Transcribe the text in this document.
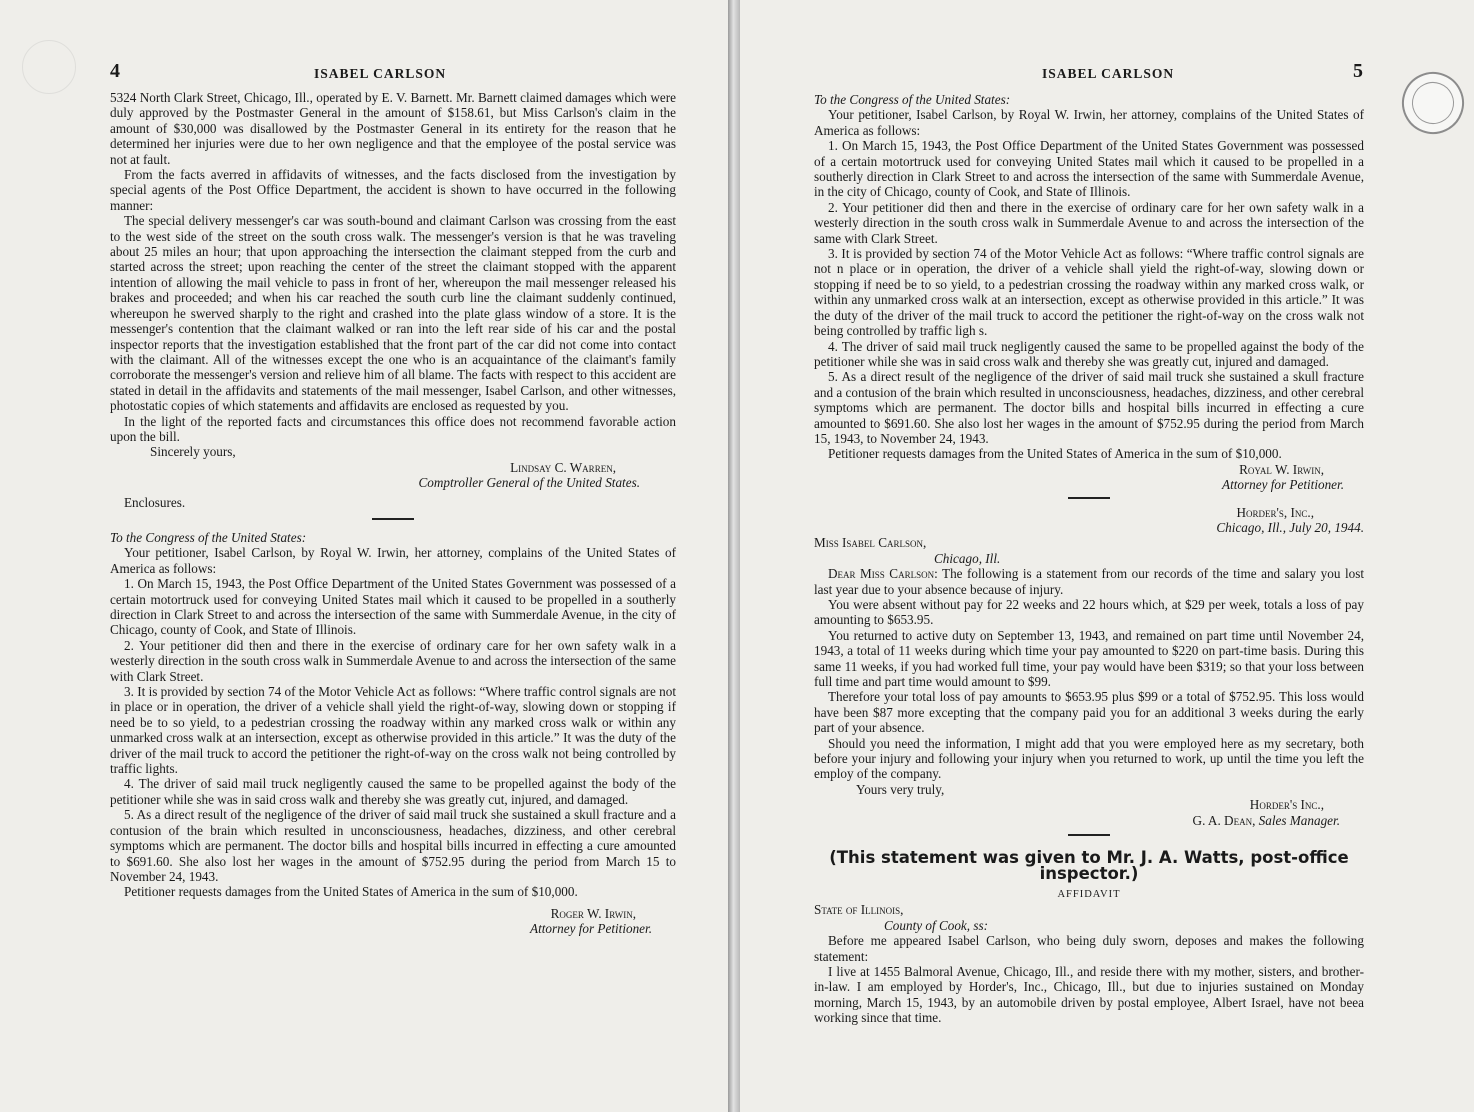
4	ISABEL CARLSON

5324 North Clark Street, Chicago, Ill., operated by E. V. Barnett. Mr. Barnett claimed damages which were duly approved by the Postmaster General in the amount of $158.61, but Miss Carlson's claim in the amount of $30,000 was disallowed by the Postmaster General in its entirety for the reason that he determined her injuries were due to her own negligence and that the employee of the postal service was not at fault.

From the facts averred in affidavits of witnesses, and the facts disclosed from the investigation by special agents of the Post Office Department, the accident is shown to have occurred in the following manner:

The special delivery messenger's car was south-bound and claimant Carlson was crossing from the east to the west side of the street on the south cross walk. The messenger's version is that he was traveling about 25 miles an hour; that upon approaching the intersection the claimant stepped from the curb and started across the street; upon reaching the center of the street the claimant stopped with the apparent intention of allowing the mail vehicle to pass in front of her, whereupon the mail messenger released his brakes and proceeded; and when his car reached the south curb line the claimant suddenly continued, whereupon he swerved sharply to the right and crashed into the plate glass window of a store. It is the messenger's contention that the claimant walked or ran into the left rear side of his car and the postal inspector reports that the investigation established that the front part of the car did not come into contact with the claimant. All of the witnesses except the one who is an acquaintance of the claimant's family corroborate the messenger's version and relieve him of all blame. The facts with respect to this accident are stated in detail in the affidavits and statements of the mail messenger, Isabel Carlson, and other witnesses, photostatic copies of which statements and affidavits are enclosed as requested by you.

In the light of the reported facts and circumstances this office does not recommend favorable action upon the bill.

Sincerely yours,

Lindsay C. Warren,

Comptroller General of the United States.

Enclosures.

To the Congress of the United States:

Your petitioner, Isabel Carlson, by Royal W. Irwin, her attorney, complains of the United States of America as follows:

1. On March 15, 1943, the Post Office Department of the United States Government was possessed of a certain motortruck used for conveying United States mail which it caused to be propelled in a southerly direction in Clark Street to and across the intersection of the same with Summerdale Avenue, in the city of Chicago, county of Cook, and State of Illinois.

2. Your petitioner did then and there in the exercise of ordinary care for her own safety walk in a westerly direction in the south cross walk in Summerdale Avenue to and across the intersection of the same with Clark Street.

3. It is provided by section 74 of the Motor Vehicle Act as follows: “Where traffic control signals are not in place or in operation, the driver of a vehicle shall yield the right-of-way, slowing down or stopping if need be to so yield, to a pedestrian crossing the roadway within any marked cross walk or within any unmarked cross walk at an intersection, except as otherwise provided in this article.” It was the duty of the driver of the mail truck to accord the petitioner the right-of-way on the cross walk not being controlled by traffic lights.

4. The driver of said mail truck negligently caused the same to be propelled against the body of the petitioner while she was in said cross walk and thereby she was greatly cut, injured, and damaged.

5. As a direct result of the negligence of the driver of said mail truck she sustained a skull fracture and a contusion of the brain which resulted in unconsciousness, headaches, dizziness, and other cerebral symptoms which are permanent. The doctor bills and hospital bills incurred in effecting a cure amounted to $691.60. She also lost her wages in the amount of $752.95 during the period from March 15 to November 24, 1943.

Petitioner requests damages from the United States of America in the sum of $10,000.

Roger W. Irwin,

Attorney for Petitioner.

ISABEL CARLSON	5

To the Congress of the United States:

Your petitioner, Isabel Carlson, by Royal W. Irwin, her attorney, complains of the United States of America as follows:

1. On March 15, 1943, the Post Office Department of the United States Government was possessed of a certain motortruck used for conveying United States mail which it caused to be propelled in a southerly direction in Clark Street to and across the intersection of the same with Summerdale Avenue, in the city of Chicago, county of Cook, and State of Illinois.

2. Your petitioner did then and there in the exercise of ordinary care for her own safety walk in a westerly direction in the south cross walk in Summerdale Avenue to and across the intersection of the same with Clark Street.

3. It is provided by section 74 of the Motor Vehicle Act as follows: “Where traffic control signals are not n place or in operation, the driver of a vehicle shall yield the right-of-way, slowing down or stopping if need be to so yield, to a pedestrian crossing the roadway within any marked cross walk, or within any unmarked cross walk at an intersection, except as otherwise provided in this article.” It was the duty of the driver of the mail truck to accord the petitioner the right-of-way on the cross walk not being controlled by traffic ligh s.

4. The driver of said mail truck negligently caused the same to be propelled against the body of the petitioner while she was in said cross walk and thereby she was greatly cut, injured and damaged.

5. As a direct result of the negligence of the driver of said mail truck she sustained a skull fracture and a contusion of the brain which resulted in unconsciousness, headaches, dizziness, and other cerebral symptoms which are permanent. The doctor bills and hospital bills incurred in effecting a cure amounted to $691.60. She also lost her wages in the amount of $752.95 during the period from March 15, 1943, to November 24, 1943.

Petitioner requests damages from the United States of America in the sum of $10,000.

Royal W. Irwin,

Attorney for Petitioner.

Horder's, Inc.,

Chicago, Ill., July 20, 1944.

Miss Isabel Carlson,

Chicago, Ill.

Dear Miss Carlson: The following is a statement from our records of the time and salary you lost last year due to your absence because of injury.

You were absent without pay for 22 weeks and 22 hours which, at $29 per week, totals a loss of pay amounting to $653.95.

You returned to active duty on September 13, 1943, and remained on part time until November 24, 1943, a total of 11 weeks during which time your pay amounted to $220 on part-time basis. During this same 11 weeks, if you had worked full time, your pay would have been $319; so that your loss between full time and part time would amount to $99.

Therefore your total loss of pay amounts to $653.95 plus $99 or a total of $752.95. This loss would have been $87 more excepting that the company paid you for an additional 3 weeks during the early part of your absence.

Should you need the information, I might add that you were employed here as my secretary, both before your injury and following your injury when you returned to work, up until the time you left the employ of the company.

Yours very truly,

Horder's Inc.,

G. A. Dean, Sales Manager.

(This statement was given to Mr. J. A. Watts, post-office inspector.)

AFFIDAVIT

State of Illinois,

County of Cook, ss:

Before me appeared Isabel Carlson, who being duly sworn, deposes and makes the following statement:

I live at 1455 Balmoral Avenue, Chicago, Ill., and reside there with my mother, sisters, and brother-in-law. I am employed by Horder's, Inc., Chicago, Ill., but due to injuries sustained on Monday morning, March 15, 1943, by an automobile driven by postal employee, Albert Israel, have not beea working since that time.
